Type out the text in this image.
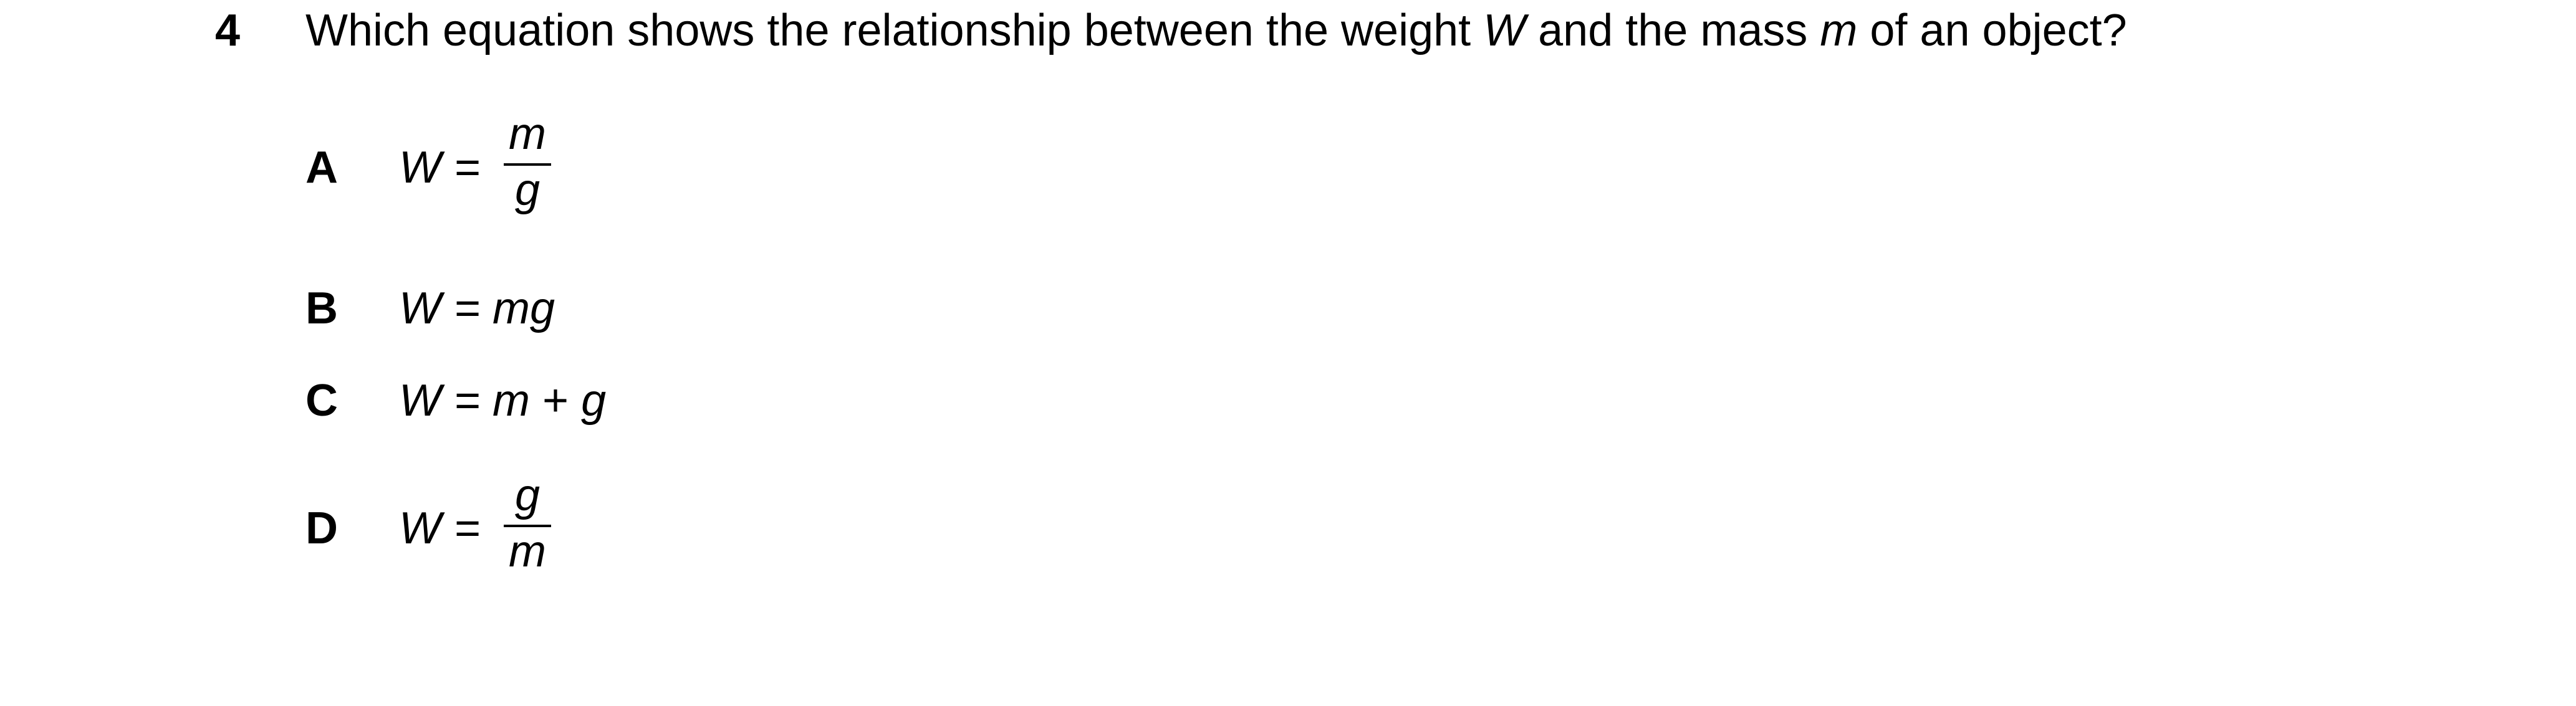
4 Which equation shows the relationship between the weight W and the mass m of an object?
A W =
m
g
B W = mg
C W = m + g
D W =
g
m
